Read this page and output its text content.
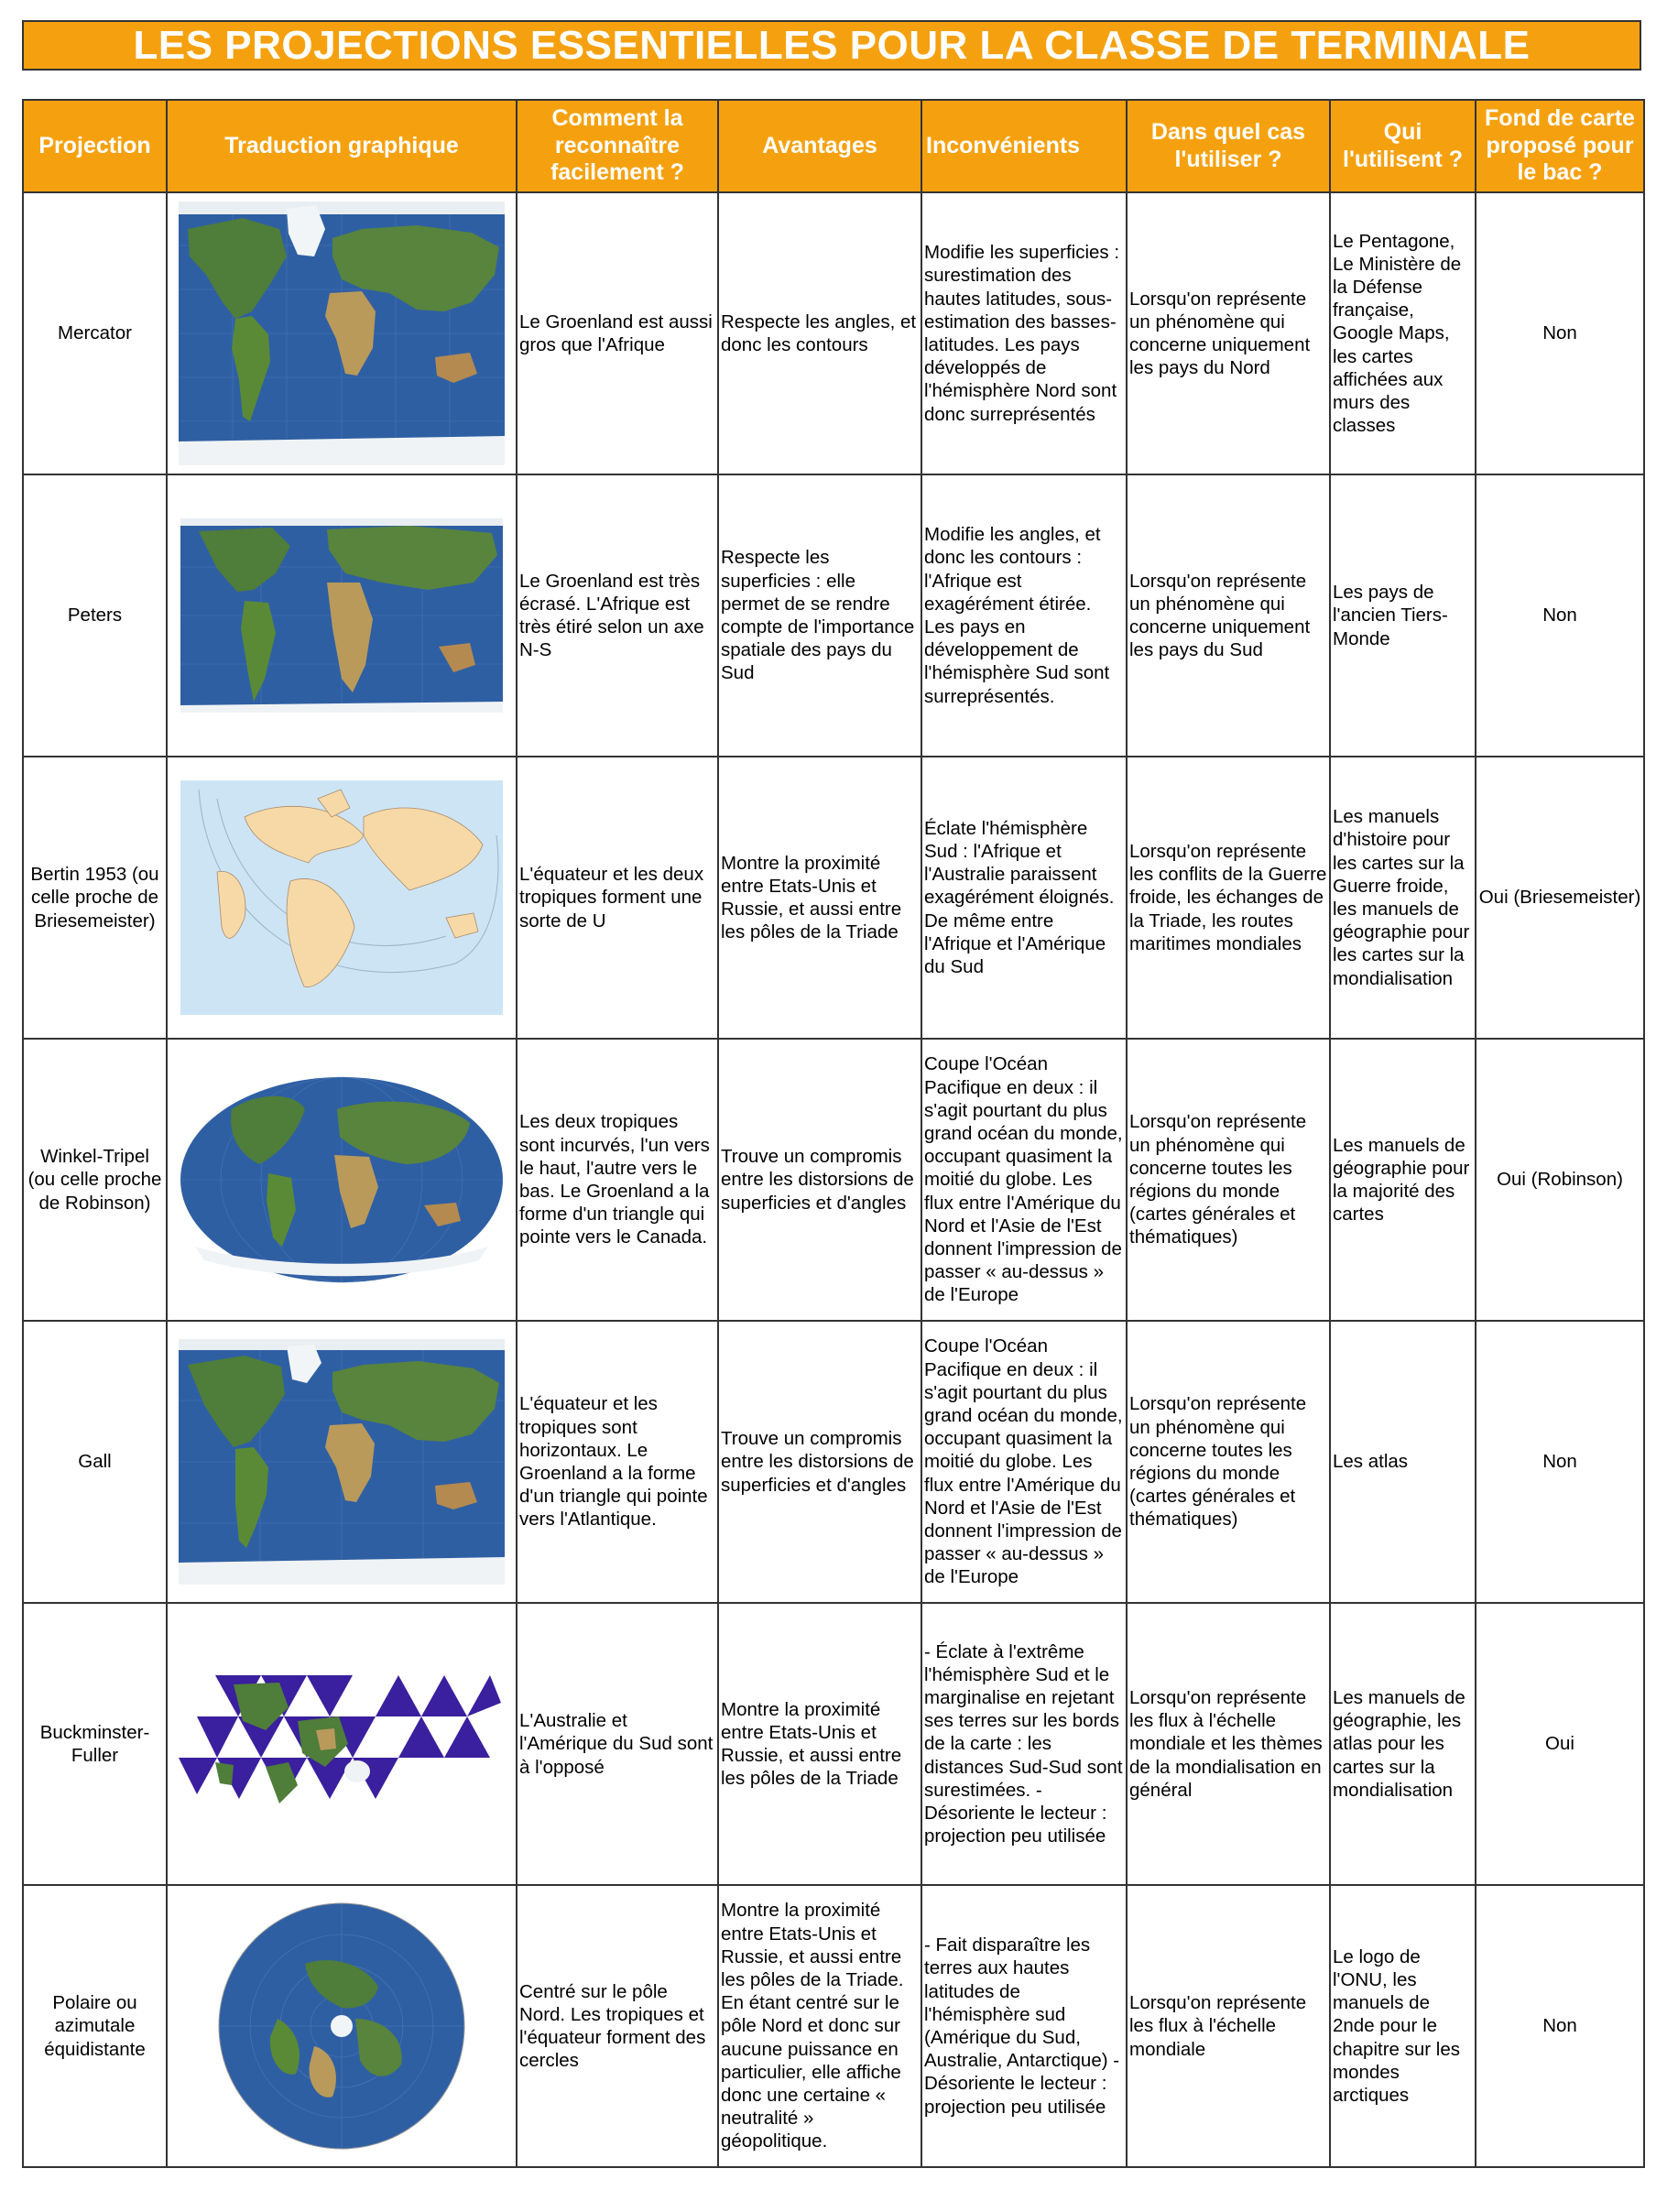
LES PROJECTIONS ESSENTIELLES POUR LA CLASSE DE TERMINALE
Projection	Traduction graphique	Comment la reconnaître facilement ?	Avantages	Inconvénients	Dans quel cas l'utiliser ?	Qui l'utilisent ?	Fond de carte proposé pour le bac ?
Mercator		Le Groenland est aussi gros que l'Afrique	Respecte les angles, et donc les contours	Modifie les superficies : surestimation des hautes latitudes, sous-estimation des basses-latitudes. Les pays développés de l'hémisphère Nord sont donc surreprésentés	Lorsqu'on représente un phénomène qui concerne uniquement les pays du Nord	Le Pentagone, Le Ministère de la Défense française, Google Maps, les cartes affichées aux murs des classes	Non
Peters		Le Groenland est très écrasé. L'Afrique est très étiré selon un axe N-S	Respecte les superficies : elle permet de se rendre compte de l'importance spatiale des pays du Sud	Modifie les angles, et donc les contours : l'Afrique est exagérément étirée. Les pays en développement de l'hémisphère Sud sont surreprésentés.	Lorsqu'on représente un phénomène qui concerne uniquement les pays du Sud	Les pays de l'ancien Tiers-Monde	Non
Bertin 1953 (ou celle proche de Briesemeister)		L'équateur et les deux tropiques forment une sorte de U	Montre la proximité entre Etats-Unis et Russie, et aussi entre les pôles de la Triade	Éclate l'hémisphère Sud : l'Afrique et l'Australie paraissent exagérément éloignés. De même entre l'Afrique et l'Amérique du Sud	Lorsqu'on représente les conflits de la Guerre froide, les échanges de la Triade, les routes maritimes mondiales	Les manuels d'histoire pour les cartes sur la Guerre froide, les manuels de géographie pour les cartes sur la mondialisation	Oui (Briesemeister)
Winkel-Tripel (ou celle proche de Robinson)		Les deux tropiques sont incurvés, l'un vers le haut, l'autre vers le bas. Le Groenland a la forme d'un triangle qui pointe vers le Canada.	Trouve un compromis entre les distorsions de superficies et d'angles	Coupe l'Océan Pacifique en deux : il s'agit pourtant du plus grand océan du monde, occupant quasiment la moitié du globe. Les flux entre l'Amérique du Nord et l'Asie de l'Est donnent l'impression de passer « au-dessus » de l'Europe	Lorsqu'on représente un phénomène qui concerne toutes les régions du monde (cartes générales et thématiques)	Les manuels de géographie pour la majorité des cartes	Oui (Robinson)
Gall		L'équateur et les tropiques sont horizontaux. Le Groenland a la forme d'un triangle qui pointe vers l'Atlantique.	Trouve un compromis entre les distorsions de superficies et d'angles	Coupe l'Océan Pacifique en deux : il s'agit pourtant du plus grand océan du monde, occupant quasiment la moitié du globe. Les flux entre l'Amérique du Nord et l'Asie de l'Est donnent l'impression de passer « au-dessus » de l'Europe	Lorsqu'on représente un phénomène qui concerne toutes les régions du monde (cartes générales et thématiques)	Les atlas	Non
Buckminster-Fuller		L'Australie et l'Amérique du Sud sont à l'opposé	Montre la proximité entre Etats-Unis et Russie, et aussi entre les pôles de la Triade	- Éclate à l'extrême l'hémisphère Sud et le marginalise en rejetant ses terres sur les bords de la carte : les distances Sud-Sud sont surestimées. - Désoriente le lecteur : projection peu utilisée	Lorsqu'on représente les flux à l'échelle mondiale et les thèmes de la mondialisation en général	Les manuels de géographie, les atlas pour les cartes sur la mondialisation	Oui
Polaire ou azimutale équidistante		Centré sur le pôle Nord. Les tropiques et l'équateur forment des cercles	Montre la proximité entre Etats-Unis et Russie, et aussi entre les pôles de la Triade. En étant centré sur le pôle Nord et donc sur aucune puissance en particulier, elle affiche donc une certaine « neutralité » géopolitique.	- Fait disparaître les terres aux hautes latitudes de l'hémisphère sud (Amérique du Sud, Australie, Antarctique) - Désoriente le lecteur : projection peu utilisée	Lorsqu'on représente les flux à l'échelle mondiale	Le logo de l'ONU, les manuels de 2nde pour le chapitre sur les mondes arctiques	Non
